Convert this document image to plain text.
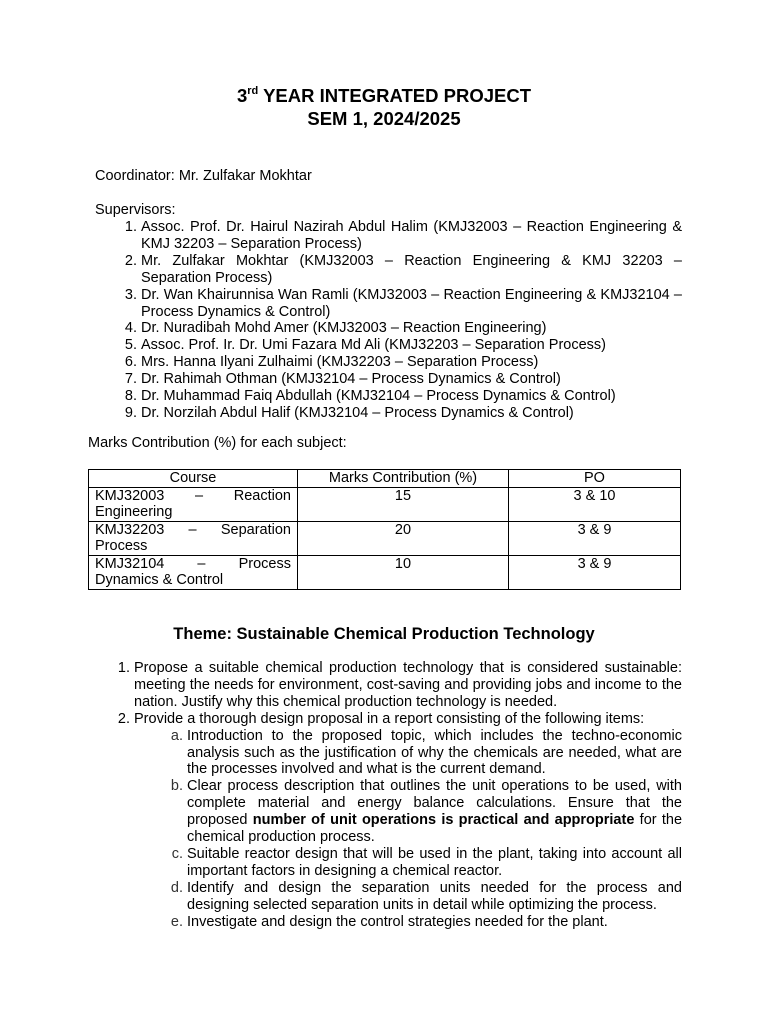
3rd YEAR INTEGRATED PROJECT
SEM 1, 2024/2025
Coordinator: Mr. Zulfakar Mokhtar
Supervisors:
1. Assoc. Prof. Dr. Hairul Nazirah Abdul Halim (KMJ32003 – Reaction Engineering & KMJ 32203 – Separation Process)
2. Mr. Zulfakar Mokhtar (KMJ32003 – Reaction Engineering & KMJ 32203 – Separation Process)
3. Dr. Wan Khairunnisa Wan Ramli (KMJ32003 – Reaction Engineering & KMJ32104 – Process Dynamics & Control)
4. Dr. Nuradibah Mohd Amer (KMJ32003 – Reaction Engineering)
5. Assoc. Prof. Ir. Dr. Umi Fazara Md Ali (KMJ32203 – Separation Process)
6. Mrs. Hanna Ilyani Zulhaimi (KMJ32203 – Separation Process)
7. Dr. Rahimah Othman (KMJ32104 – Process Dynamics & Control)
8. Dr. Muhammad Faiq Abdullah (KMJ32104 – Process Dynamics & Control)
9. Dr. Norzilah Abdul Halif (KMJ32104 – Process Dynamics & Control)
Marks Contribution (%) for each subject:
Course	Marks Contribution (%)	PO
KMJ32003 – Reaction Engineering	15	3 & 10
KMJ32203 – Separation Process	20	3 & 9
KMJ32104 – Process Dynamics & Control	10	3 & 9
Theme: Sustainable Chemical Production Technology
1. Propose a suitable chemical production technology that is considered sustainable: meeting the needs for environment, cost-saving and providing jobs and income to the nation. Justify why this chemical production technology is needed.
2. Provide a thorough design proposal in a report consisting of the following items:
a. Introduction to the proposed topic, which includes the techno-economic analysis such as the justification of why the chemicals are needed, what are the processes involved and what is the current demand.
b. Clear process description that outlines the unit operations to be used, with complete material and energy balance calculations. Ensure that the proposed number of unit operations is practical and appropriate for the chemical production process.
c. Suitable reactor design that will be used in the plant, taking into account all important factors in designing a chemical reactor.
d. Identify and design the separation units needed for the process and designing selected separation units in detail while optimizing the process.
e. Investigate and design the control strategies needed for the plant.
